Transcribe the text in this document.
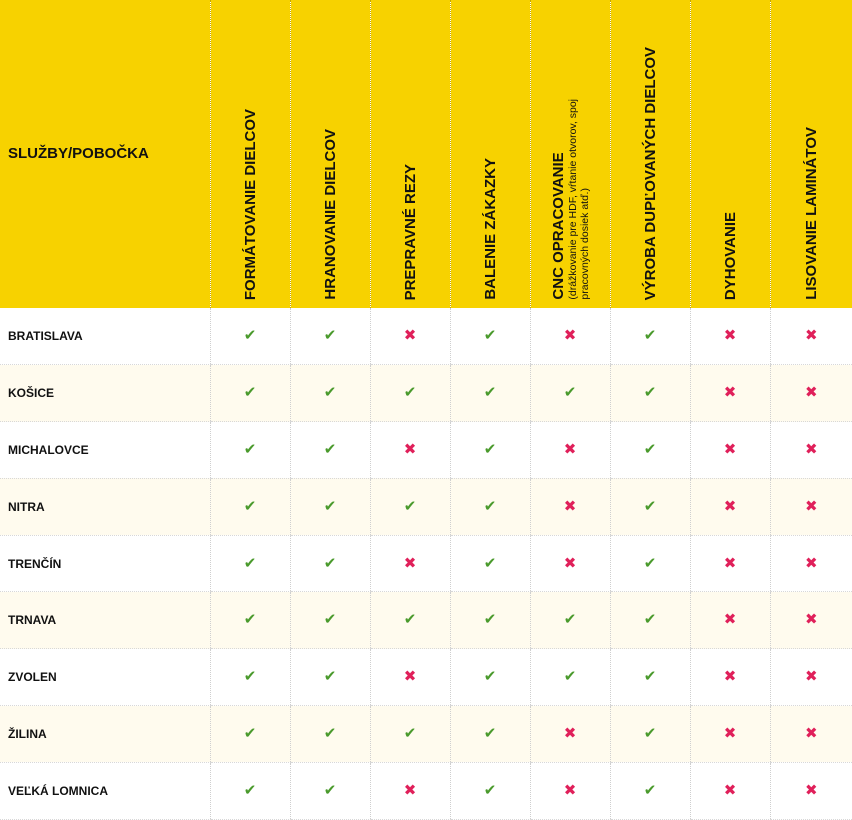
SLUŽBY/POBOČKA	FORMÁTOVANIE DIELCOV	HRANOVANIE DIELCOV	PREPRAVNÉ REZY	BALENIE ZÁKAZKY	CNC OPRACOVANIE (drážkovanie pre HDF, vŕtanie otvorov, spoj pracovných dosiek atď.)	VÝROBA DUPĽOVANÝCH DIELCOV	DYHOVANIE	LISOVANIE LAMINÁTOV

BRATISLAVA	✔	✔	✖	✔	✖	✔	✖	✖
KOŠICE	✔	✔	✔	✔	✔	✔	✖	✖
MICHALOVCE	✔	✔	✖	✔	✖	✔	✖	✖
NITRA	✔	✔	✔	✔	✖	✔	✖	✖
TRENČÍN	✔	✔	✖	✔	✖	✔	✖	✖
TRNAVA	✔	✔	✔	✔	✔	✔	✖	✖
ZVOLEN	✔	✔	✖	✔	✔	✔	✖	✖
ŽILINA	✔	✔	✔	✔	✖	✔	✖	✖
VEĽKÁ LOMNICA	✔	✔	✖	✔	✖	✔	✖	✖
